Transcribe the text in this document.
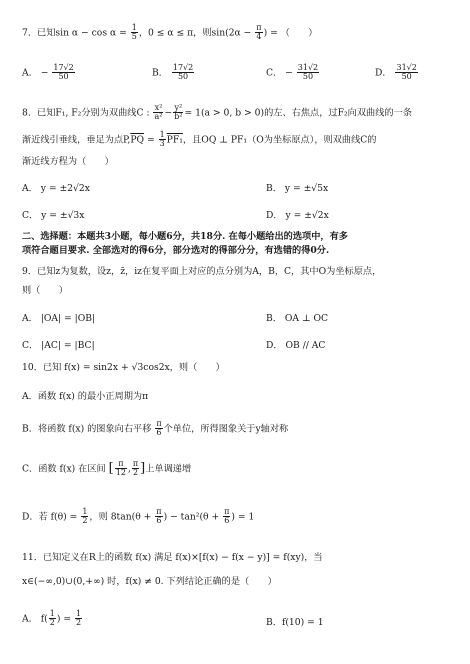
7．已知$\sin \alpha - \cos \alpha = \frac{1}{5}$ ，0 ≤ α ≤ π，则$\sin(2\alpha - \frac{\pi}{4}$ ) = （　　）
A． − $\frac{17√2}{50}$	B． $\frac{17√2}{50}$	C． − $\frac{31√2}{50}$	D． $\frac{31√2}{50}$
8．已知F₁, F₂分别为双曲线C : $\frac{\text{x²}}{\text{a²}} - \frac{\text{y²}}{\text{b²}} = 1(a > 0$, b > 0)的左、右焦点，过F₂向双曲线的一条
渐近线引垂线，垂足为点$P,\overline{PQ} = \frac{1}{3} PF_1$，且OQ ⊥ PF₁（O为坐标原点），则双曲线C的
渐近线方程为（　　）
A． y = ±2√2x	B． y = ±√5x
C． y = ±√3x	D． y = ±√2x
二、选择题：本题共3小题，每小题6分，共18分. 在每小题给出的选项中，有多
项符合题目要求. 全部选对的得6分，部分选对的得部分分，有选错的得0分.
9．已知z为复数，设z，z̄，iz在复平面上对应的点分别为A，B，C，其中O为坐标原点，
则（　　）
A． |OA| = |OB|	B． OA ⊥ OC
C． |AC| = |BC|	D． OB // AC
10．已知 f(x) = sin2x + √3cos2x，则（　　）
A．函数 f(x) 的最小正周期为π
B．将函数 f(x) 的图象向右平移 $\frac{\pi}{6}$ 个单位，所得图象关于y轴对称
C．函数 f(x) 在区间 [ $\frac{\pi}{12}$ , $\frac{\pi}{2}$ ]上单调递增
D．若 $f(\theta) = \frac{1}{2}$ ，则 $8\tan(\theta + \frac{\pi}{6}$ ) − $\tan^2(\theta + \frac{\pi}{6}$ ) = 1
11．已知定义在R上的函数 f(x) 满足 f(x)×[f(x) − f(x − y)] = f(xy)，当
x∈(−∞,0)∪(0,+∞) 时，f(x) ≠ 0. 下列结论正确的是（　　）
A． $f( \frac{1}{2}$ ) = $\frac{1}{2}$	B．f(10) = 1
